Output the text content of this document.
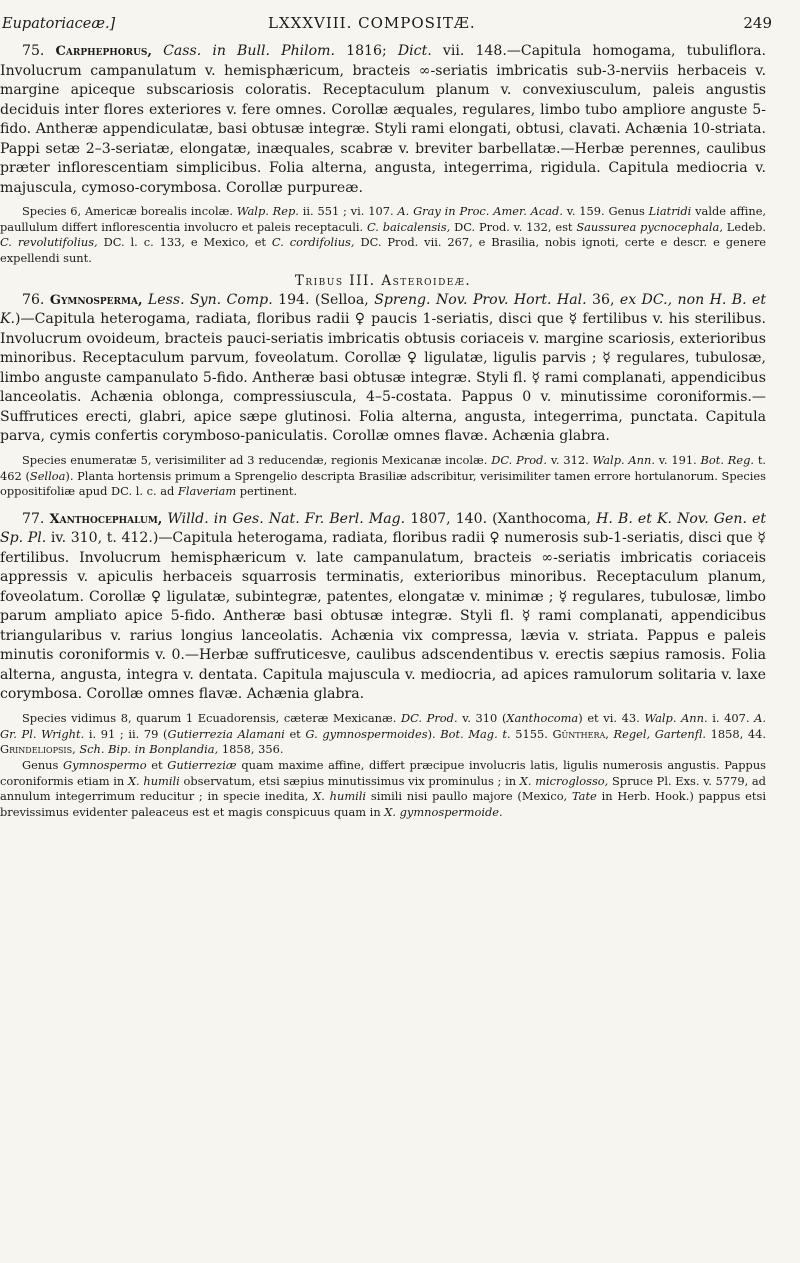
Eupatoriaceæ.]	LXXXVIII. COMPOSITÆ.	249

75. Carphephorus, Cass. in Bull. Philom. 1816; Dict. vii. 148.—Capitula homogama, tubuliflora. Involucrum campanulatum v. hemisphæricum, bracteis ∞-seriatis imbricatis sub-3-nerviis herbaceis v. margine apiceque subscariosis coloratis. Receptaculum planum v. convexiusculum, paleis angustis deciduis inter flores exteriores v. fere omnes. Corollæ æquales, regulares, limbo tubo ampliore anguste 5-fido. Antheræ appendiculatæ, basi obtusæ integræ. Styli rami elongati, obtusi, clavati. Achænia 10-striata. Pappi setæ 2–3-seriatæ, elongatæ, inæquales, scabræ v. breviter barbellatæ.—Herbæ perennes, caulibus præter inflorescentiam simplicibus. Folia alterna, angusta, integerrima, rigidula. Capitula mediocria v. majuscula, cymoso-corymbosa. Corollæ purpureæ.

Species 6, Americæ borealis incolæ. Walp. Rep. ii. 551 ; vi. 107. A. Gray in Proc. Amer. Acad. v. 159. Genus Liatridi valde affine, paullulum differt inflorescentia involucro et paleis receptaculi. C. baicalensis, DC. Prod. v. 132, est Saussurea pycnocephala, Ledeb. C. revolutifolius, DC. l. c. 133, e Mexico, et C. cordifolius, DC. Prod. vii. 267, e Brasilia, nobis ignoti, certe e descr. e genere expellendi sunt.

Tribus III. Asteroideæ.

76. Gymnosperma, Less. Syn. Comp. 194. (Selloa, Spreng. Nov. Prov. Hort. Hal. 36, ex DC., non H. B. et K.)—Capitula heterogama, radiata, floribus radii ♀ paucis 1-seriatis, disci que ☿ fertilibus v. his sterilibus. Involucrum ovoideum, bracteis pauci-seriatis imbricatis obtusis coriaceis v. margine scariosis, exterioribus minoribus. Receptaculum parvum, foveolatum. Corollæ ♀ ligulatæ, ligulis parvis ; ☿ regulares, tubulosæ, limbo anguste campanulato 5-fido. Antheræ basi obtusæ integræ. Styli fl. ☿ rami complanati, appendicibus lanceolatis. Achænia oblonga, compressiuscula, 4–5-costata. Pappus 0 v. minutissime coroniformis.—Suffrutices erecti, glabri, apice sæpe glutinosi. Folia alterna, angusta, integerrima, punctata. Capitula parva, cymis confertis corymboso-paniculatis. Corollæ omnes flavæ. Achænia glabra.

Species enumeratæ 5, verisimiliter ad 3 reducendæ, regionis Mexicanæ incolæ. DC. Prod. v. 312. Walp. Ann. v. 191. Bot. Reg. t. 462 (Selloa). Planta hortensis primum a Sprengelio descripta Brasiliæ adscribitur, verisimiliter tamen errore hortulanorum. Species oppositifoliæ apud DC. l. c. ad Flaveriam pertinent.

77. Xanthocephalum, Willd. in Ges. Nat. Fr. Berl. Mag. 1807, 140. (Xanthocoma, H. B. et K. Nov. Gen. et Sp. Pl. iv. 310, t. 412.)—Capitula heterogama, radiata, floribus radii ♀ numerosis sub-1-seriatis, disci que ☿ fertilibus. Involucrum hemisphæricum v. late campanulatum, bracteis ∞-seriatis imbricatis coriaceis appressis v. apiculis herbaceis squarrosis terminatis, exterioribus minoribus. Receptaculum planum, foveolatum. Corollæ ♀ ligulatæ, subintegræ, patentes, elongatæ v. minimæ ; ☿ regulares, tubulosæ, limbo parum ampliato apice 5-fido. Antheræ basi obtusæ integræ. Styli fl. ☿ rami complanati, appendicibus triangularibus v. rarius longius lanceolatis. Achænia vix compressa, lævia v. striata. Pappus e paleis minutis coroniformis v. 0.—Herbæ suffruticesve, caulibus adscendentibus v. erectis sæpius ramosis. Folia alterna, angusta, integra v. dentata. Capitula majuscula v. mediocria, ad apices ramulorum solitaria v. laxe corymbosa. Corollæ omnes flavæ. Achænia glabra.

Species vidimus 8, quarum 1 Ecuadorensis, cæteræ Mexicanæ. DC. Prod. v. 310 (Xanthocoma) et vi. 43. Walp. Ann. i. 407. A. Gr. Pl. Wright. i. 91 ; ii. 79 (Gutierrezia Alamani et G. gymnospermoides). Bot. Mag. t. 5155. Günthera, Regel, Gartenfl. 1858, 44. Grindeliopsis, Sch. Bip. in Bonplandia, 1858, 356.

Genus Gymnospermo et Gutierreziæ quam maxime affine, differt præcipue involucris latis, ligulis numerosis angustis. Pappus coroniformis etiam in X. humili observatum, etsi sæpius minutissimus vix prominulus ; in X. microglosso, Spruce Pl. Exs. v. 5779, ad annulum integerrimum reducitur ; in specie inedita, X. humili simili nisi paullo majore (Mexico, Tate in Herb. Hook.) pappus etsi brevissimus evidenter paleaceus est et magis conspicuus quam in X. gymnospermoide.
